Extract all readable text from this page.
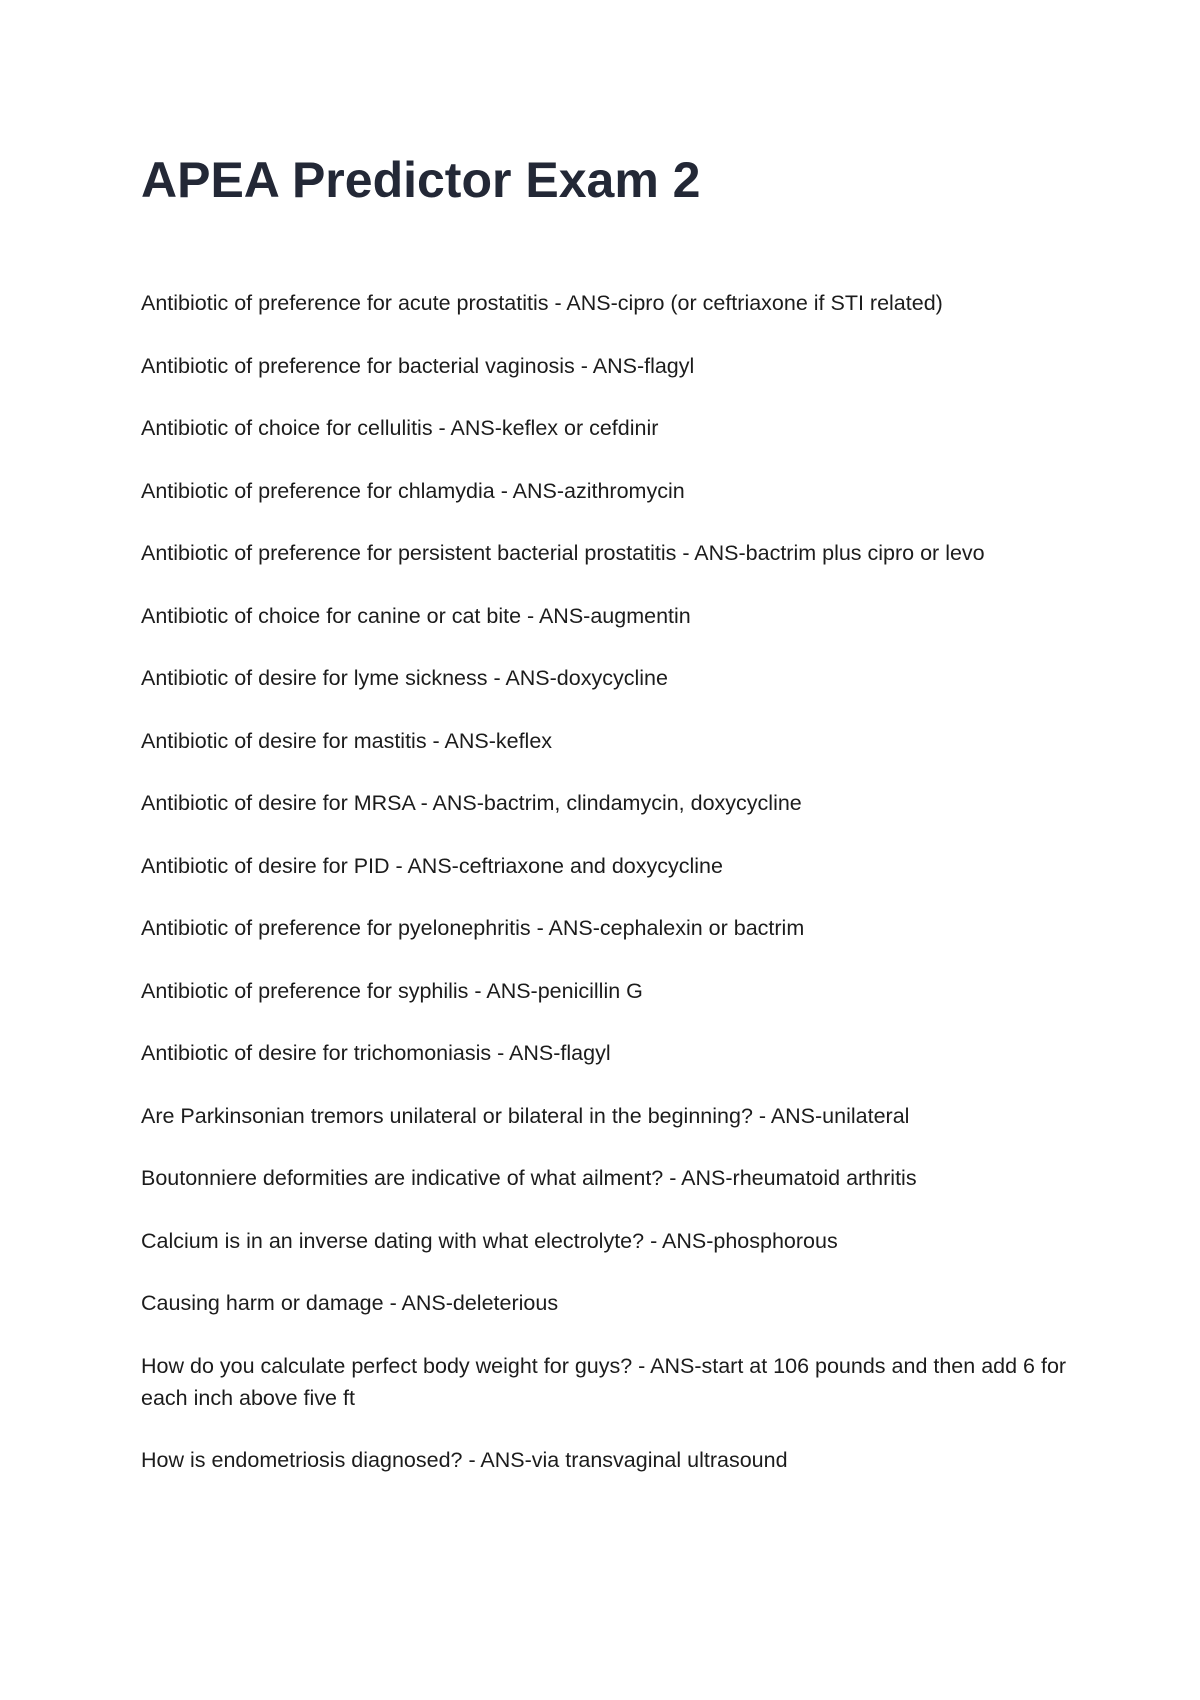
APEA Predictor Exam 2
Antibiotic of preference for acute prostatitis - ANS-cipro (or ceftriaxone if STI related)
Antibiotic of preference for bacterial vaginosis - ANS-flagyl
Antibiotic of choice for cellulitis - ANS-keflex or cefdinir
Antibiotic of preference for chlamydia - ANS-azithromycin
Antibiotic of preference for persistent bacterial prostatitis - ANS-bactrim plus cipro or levo
Antibiotic of choice for canine or cat bite - ANS-augmentin
Antibiotic of desire for lyme sickness - ANS-doxycycline
Antibiotic of desire for mastitis - ANS-keflex
Antibiotic of desire for MRSA - ANS-bactrim, clindamycin, doxycycline
Antibiotic of desire for PID - ANS-ceftriaxone and doxycycline
Antibiotic of preference for pyelonephritis - ANS-cephalexin or bactrim
Antibiotic of preference for syphilis - ANS-penicillin G
Antibiotic of desire for trichomoniasis - ANS-flagyl
Are Parkinsonian tremors unilateral or bilateral in the beginning? - ANS-unilateral
Boutonniere deformities are indicative of what ailment? - ANS-rheumatoid arthritis
Calcium is in an inverse dating with what electrolyte? - ANS-phosphorous
Causing harm or damage - ANS-deleterious
How do you calculate perfect body weight for guys? - ANS-start at 106 pounds and then add 6 for each inch above five ft
How is endometriosis diagnosed? - ANS-via transvaginal ultrasound
